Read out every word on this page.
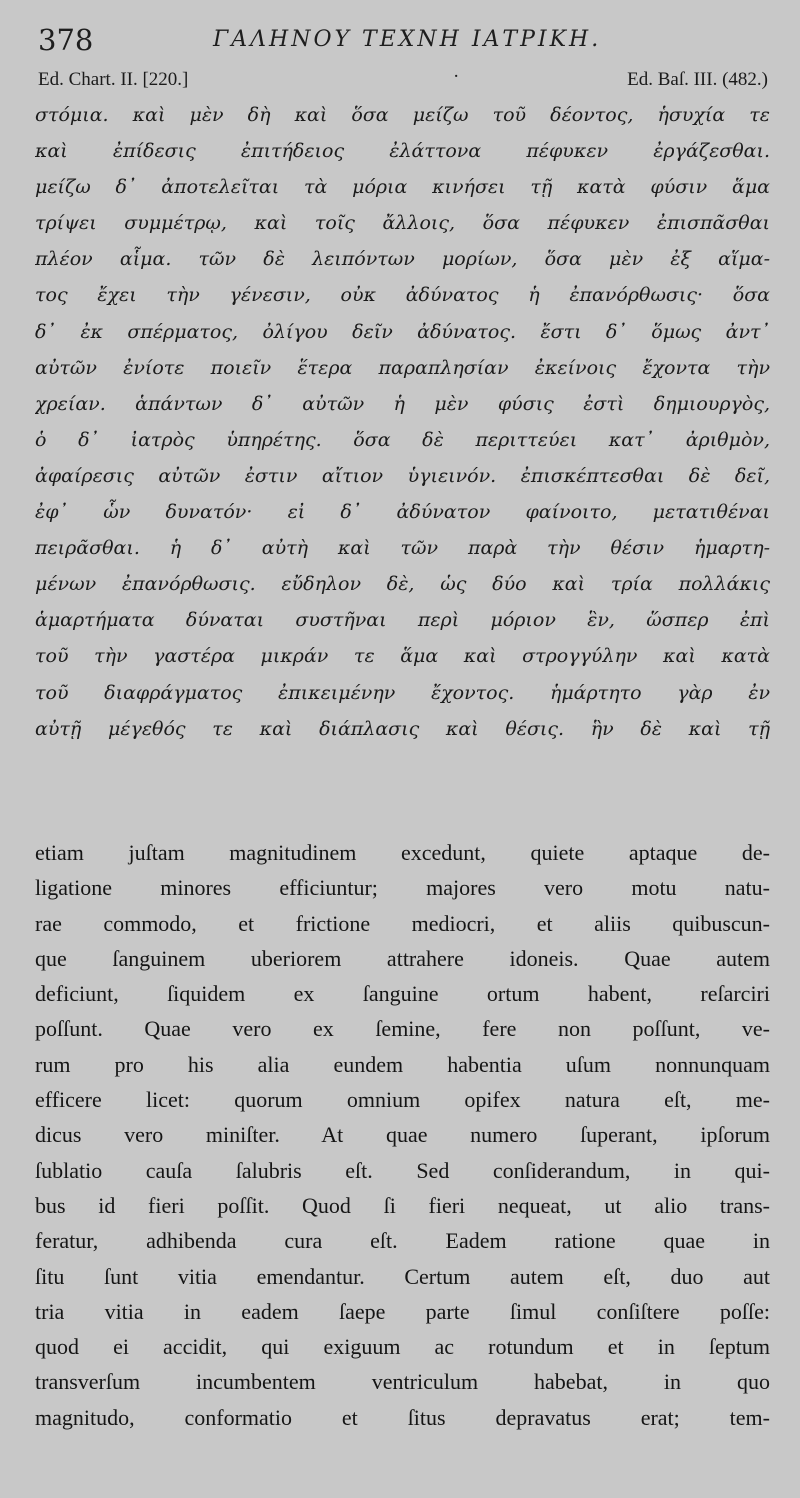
378	ΓΑΛΗΝΟΥ ΤΕΧΝΗ ΙΑΤΡΙΚΗ.
Ed. Chart. II. [220.]	·	Ed. Baſ. III. (482.)
στόμια. καὶ μὲν δὴ καὶ ὅσα μείζω τοῦ δέοντος, ἡσυχία τε
καὶ ἐπίδεσις ἐπιτήδειος ἐλάττονα πέφυκεν ἐργάζεσθαι.
μείζω δ᾽ ἀποτελεῖται τὰ μόρια κινήσει τῇ κατὰ φύσιν ἅμα
τρίψει συμμέτρῳ, καὶ τοῖς ἄλλοις, ὅσα πέφυκεν ἐπισπᾶσθαι
πλέον αἷμα. τῶν δὲ λειπόντων μορίων, ὅσα μὲν ἐξ αἵμα-
τος ἔχει τὴν γένεσιν, οὐκ ἀδύνατος ἡ ἐπανόρθωσις· ὅσα
δ᾽ ἐκ σπέρματος, ὀλίγου δεῖν ἀδύνατος. ἔστι δ᾽ ὅμως ἀντ᾽
αὐτῶν ἐνίοτε ποιεῖν ἕτερα παραπλησίαν ἐκείνοις ἔχοντα τὴν
χρείαν. ἁπάντων δ᾽ αὐτῶν ἡ μὲν φύσις ἐστὶ δημιουργὸς,
ὁ δ᾽ ἰατρὸς ὑπηρέτης. ὅσα δὲ περιττεύει κατ᾽ ἀριθμὸν,
ἀφαίρεσις αὐτῶν ἐστιν αἴτιον ὑγιεινόν. ἐπισκέπτεσθαι δὲ δεῖ,
ἐφ᾽ ὧν δυνατόν· εἰ δ᾽ ἀδύνατον φαίνοιτο, μετατιθέναι
πειρᾶσθαι. ἡ δ᾽ αὐτὴ καὶ τῶν παρὰ τὴν θέσιν ἡμαρτη-
μένων ἐπανόρθωσις. εὔδηλον δὲ, ὡς δύο καὶ τρία πολλάκις
ἁμαρτήματα δύναται συστῆναι περὶ μόριον ἓν, ὥσπερ ἐπὶ
τοῦ τὴν γαστέρα μικράν τε ἅμα καὶ στρογγύλην καὶ κατὰ
τοῦ διαφράγματος ἐπικειμένην ἔχοντος. ἡμάρτητο γὰρ ἐν
αὐτῇ μέγεθός τε καὶ διάπλασις καὶ θέσις. ἣν δὲ καὶ τῇ
etiam juſtam magnitudinem excedunt, quiete aptaque de-
ligatione minores efficiuntur; majores vero motu natu-
rae commodo, et frictione mediocri, et aliis quibuscun-
que ſanguinem uberiorem attrahere idoneis. Quae autem
deficiunt, ſiquidem ex ſanguine ortum habent, reſarciri
poſſunt. Quae vero ex ſemine, fere non poſſunt, ve-
rum pro his alia eundem habentia uſum nonnunquam
efficere licet: quorum omnium opifex natura eſt, me-
dicus vero miniſter. At quae numero ſuperant, ipſorum
ſublatio cauſa ſalubris eſt. Sed conſiderandum, in qui-
bus id fieri poſſit. Quod ſi fieri nequeat, ut alio trans-
feratur, adhibenda cura eſt. Eadem ratione quae in
ſitu ſunt vitia emendantur. Certum autem eſt, duo aut
tria vitia in eadem ſaepe parte ſimul conſiſtere poſſe:
quod ei accidit, qui exiguum ac rotundum et in ſeptum
transverſum incumbentem ventriculum habebat, in quo
magnitudo, conformatio et ſitus depravatus erat; tem-
